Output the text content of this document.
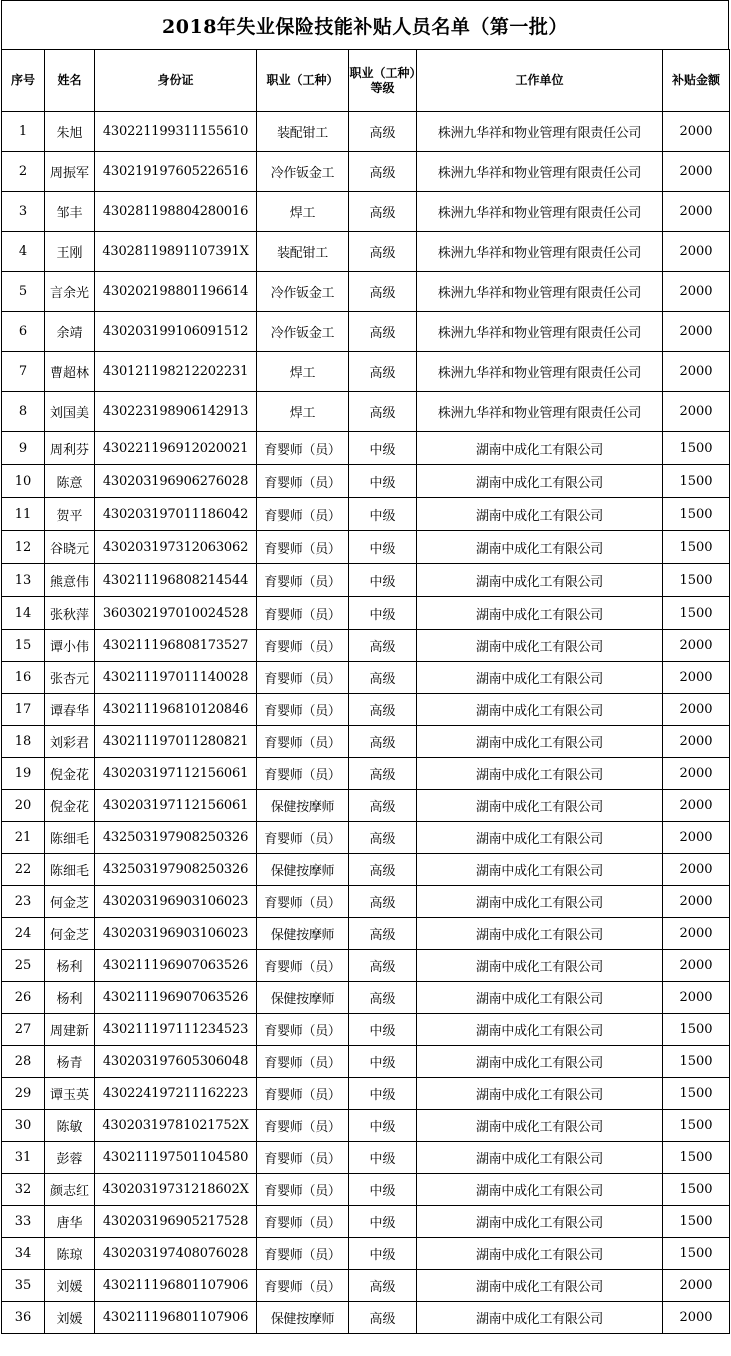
2018年失业保险技能补贴人员名单（第一批）
序号	姓名	身份证	职业（工种）	职业（工种）等级	工作单位	补贴金额
1	朱旭	430221199311155610	装配钳工	高级	株洲九华祥和物业管理有限责任公司	2000
2	周振军	430219197605226516	冷作钣金工	高级	株洲九华祥和物业管理有限责任公司	2000
3	邹丰	430281198804280016	焊工	高级	株洲九华祥和物业管理有限责任公司	2000
4	王刚	43028119891107391X	装配钳工	高级	株洲九华祥和物业管理有限责任公司	2000
5	言余光	430202198801196614	冷作钣金工	高级	株洲九华祥和物业管理有限责任公司	2000
6	余靖	430203199106091512	冷作钣金工	高级	株洲九华祥和物业管理有限责任公司	2000
7	曹超林	430121198212202231	焊工	高级	株洲九华祥和物业管理有限责任公司	2000
8	刘国美	430223198906142913	焊工	高级	株洲九华祥和物业管理有限责任公司	2000
9	周利芬	430221196912020021	育婴师（员）	中级	湖南中成化工有限公司	1500
10	陈意	430203196906276028	育婴师（员）	中级	湖南中成化工有限公司	1500
11	贺平	430203197011186042	育婴师（员）	中级	湖南中成化工有限公司	1500
12	谷晓元	430203197312063062	育婴师（员）	中级	湖南中成化工有限公司	1500
13	熊意伟	430211196808214544	育婴师（员）	中级	湖南中成化工有限公司	1500
14	张秋萍	360302197010024528	育婴师（员）	中级	湖南中成化工有限公司	1500
15	谭小伟	430211196808173527	育婴师（员）	高级	湖南中成化工有限公司	2000
16	张杏元	430211197011140028	育婴师（员）	高级	湖南中成化工有限公司	2000
17	谭春华	430211196810120846	育婴师（员）	高级	湖南中成化工有限公司	2000
18	刘彩君	430211197011280821	育婴师（员）	高级	湖南中成化工有限公司	2000
19	倪金花	430203197112156061	育婴师（员）	高级	湖南中成化工有限公司	2000
20	倪金花	430203197112156061	保健按摩师	高级	湖南中成化工有限公司	2000
21	陈细毛	432503197908250326	育婴师（员）	高级	湖南中成化工有限公司	2000
22	陈细毛	432503197908250326	保健按摩师	高级	湖南中成化工有限公司	2000
23	何金芝	430203196903106023	育婴师（员）	高级	湖南中成化工有限公司	2000
24	何金芝	430203196903106023	保健按摩师	高级	湖南中成化工有限公司	2000
25	杨利	430211196907063526	育婴师（员）	高级	湖南中成化工有限公司	2000
26	杨利	430211196907063526	保健按摩师	高级	湖南中成化工有限公司	2000
27	周建新	430211197111234523	育婴师（员）	中级	湖南中成化工有限公司	1500
28	杨青	430203197605306048	育婴师（员）	中级	湖南中成化工有限公司	1500
29	谭玉英	430224197211162223	育婴师（员）	中级	湖南中成化工有限公司	1500
30	陈敏	43020319781021752X	育婴师（员）	中级	湖南中成化工有限公司	1500
31	彭蓉	430211197501104580	育婴师（员）	中级	湖南中成化工有限公司	1500
32	颜志红	43020319731218602X	育婴师（员）	中级	湖南中成化工有限公司	1500
33	唐华	430203196905217528	育婴师（员）	中级	湖南中成化工有限公司	1500
34	陈琼	430203197408076028	育婴师（员）	中级	湖南中成化工有限公司	1500
35	刘媛	430211196801107906	育婴师（员）	高级	湖南中成化工有限公司	2000
36	刘媛	430211196801107906	保健按摩师	高级	湖南中成化工有限公司	2000
